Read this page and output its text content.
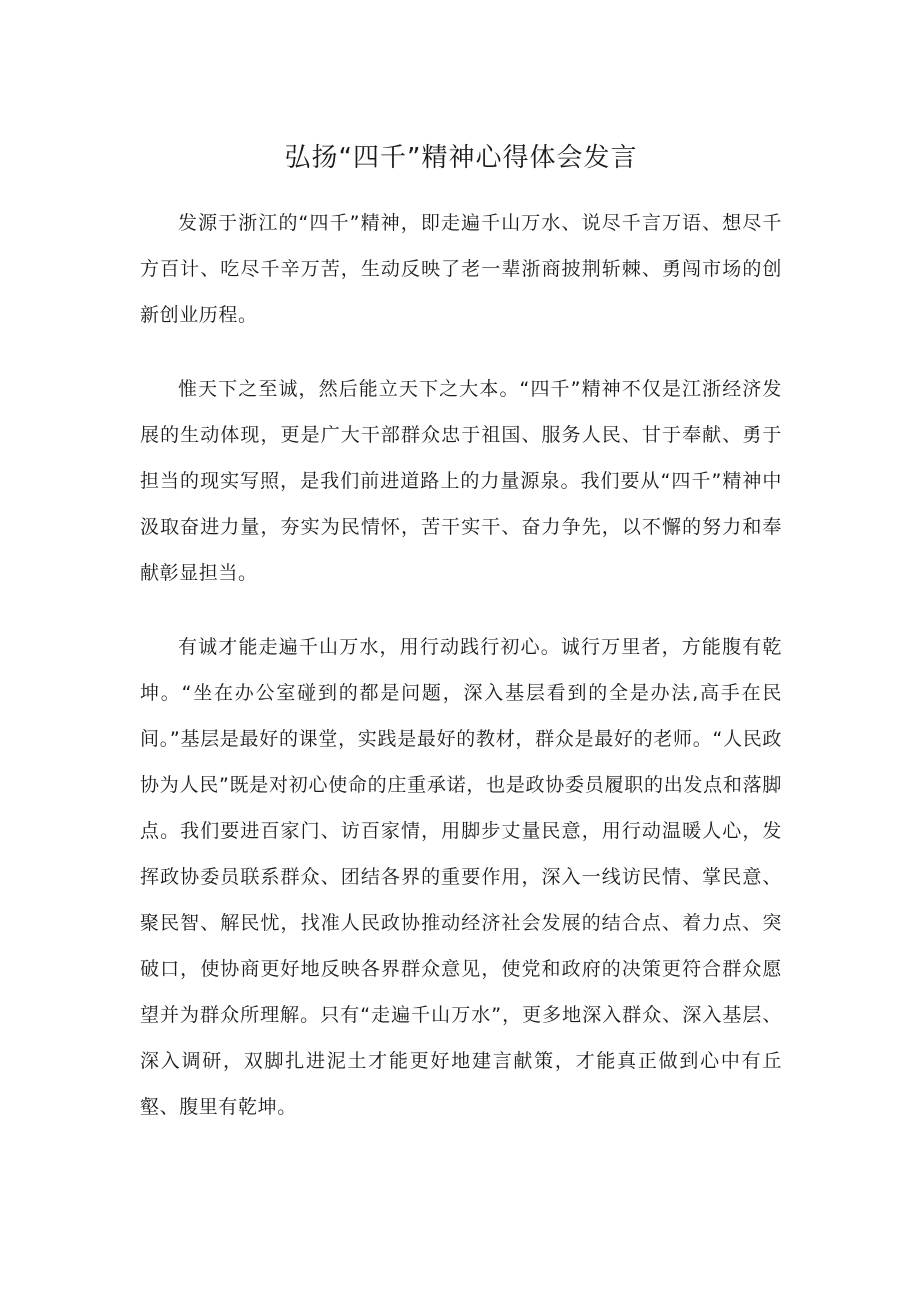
弘扬“四千”精神心得体会发言

发源于浙江的“四千”精神，即走遍千山万水、说尽千言万语、想尽千方百计、吃尽千辛万苦，生动反映了老一辈浙商披荆斩棘、勇闯市场的创新创业历程。

惟天下之至诚，然后能立天下之大本。“四千”精神不仅是江浙经济发展的生动体现，更是广大干部群众忠于祖国、服务人民、甘于奉献、勇于担当的现实写照，是我们前进道路上的力量源泉。我们要从“四千”精神中汲取奋进力量，夯实为民情怀，苦干实干、奋力争先，以不懈的努力和奉献彰显担当。

有诚才能走遍千山万水，用行动践行初心。诚行万里者，方能腹有乾坤。“坐在办公室碰到的都是问题，深入基层看到的全是办法,高手在民间。”基层是最好的课堂，实践是最好的教材，群众是最好的老师。“人民政协为人民”既是对初心使命的庄重承诺，也是政协委员履职的出发点和落脚点。我们要进百家门、访百家情，用脚步丈量民意，用行动温暖人心，发挥政协委员联系群众、团结各界的重要作用，深入一线访民情、掌民意、聚民智、解民忧，找准人民政协推动经济社会发展的结合点、着力点、突破口，使协商更好地反映各界群众意见，使党和政府的决策更符合群众愿望并为群众所理解。只有“走遍千山万水”，更多地深入群众、深入基层、深入调研，双脚扎进泥土才能更好地建言献策，才能真正做到心中有丘壑、腹里有乾坤。
